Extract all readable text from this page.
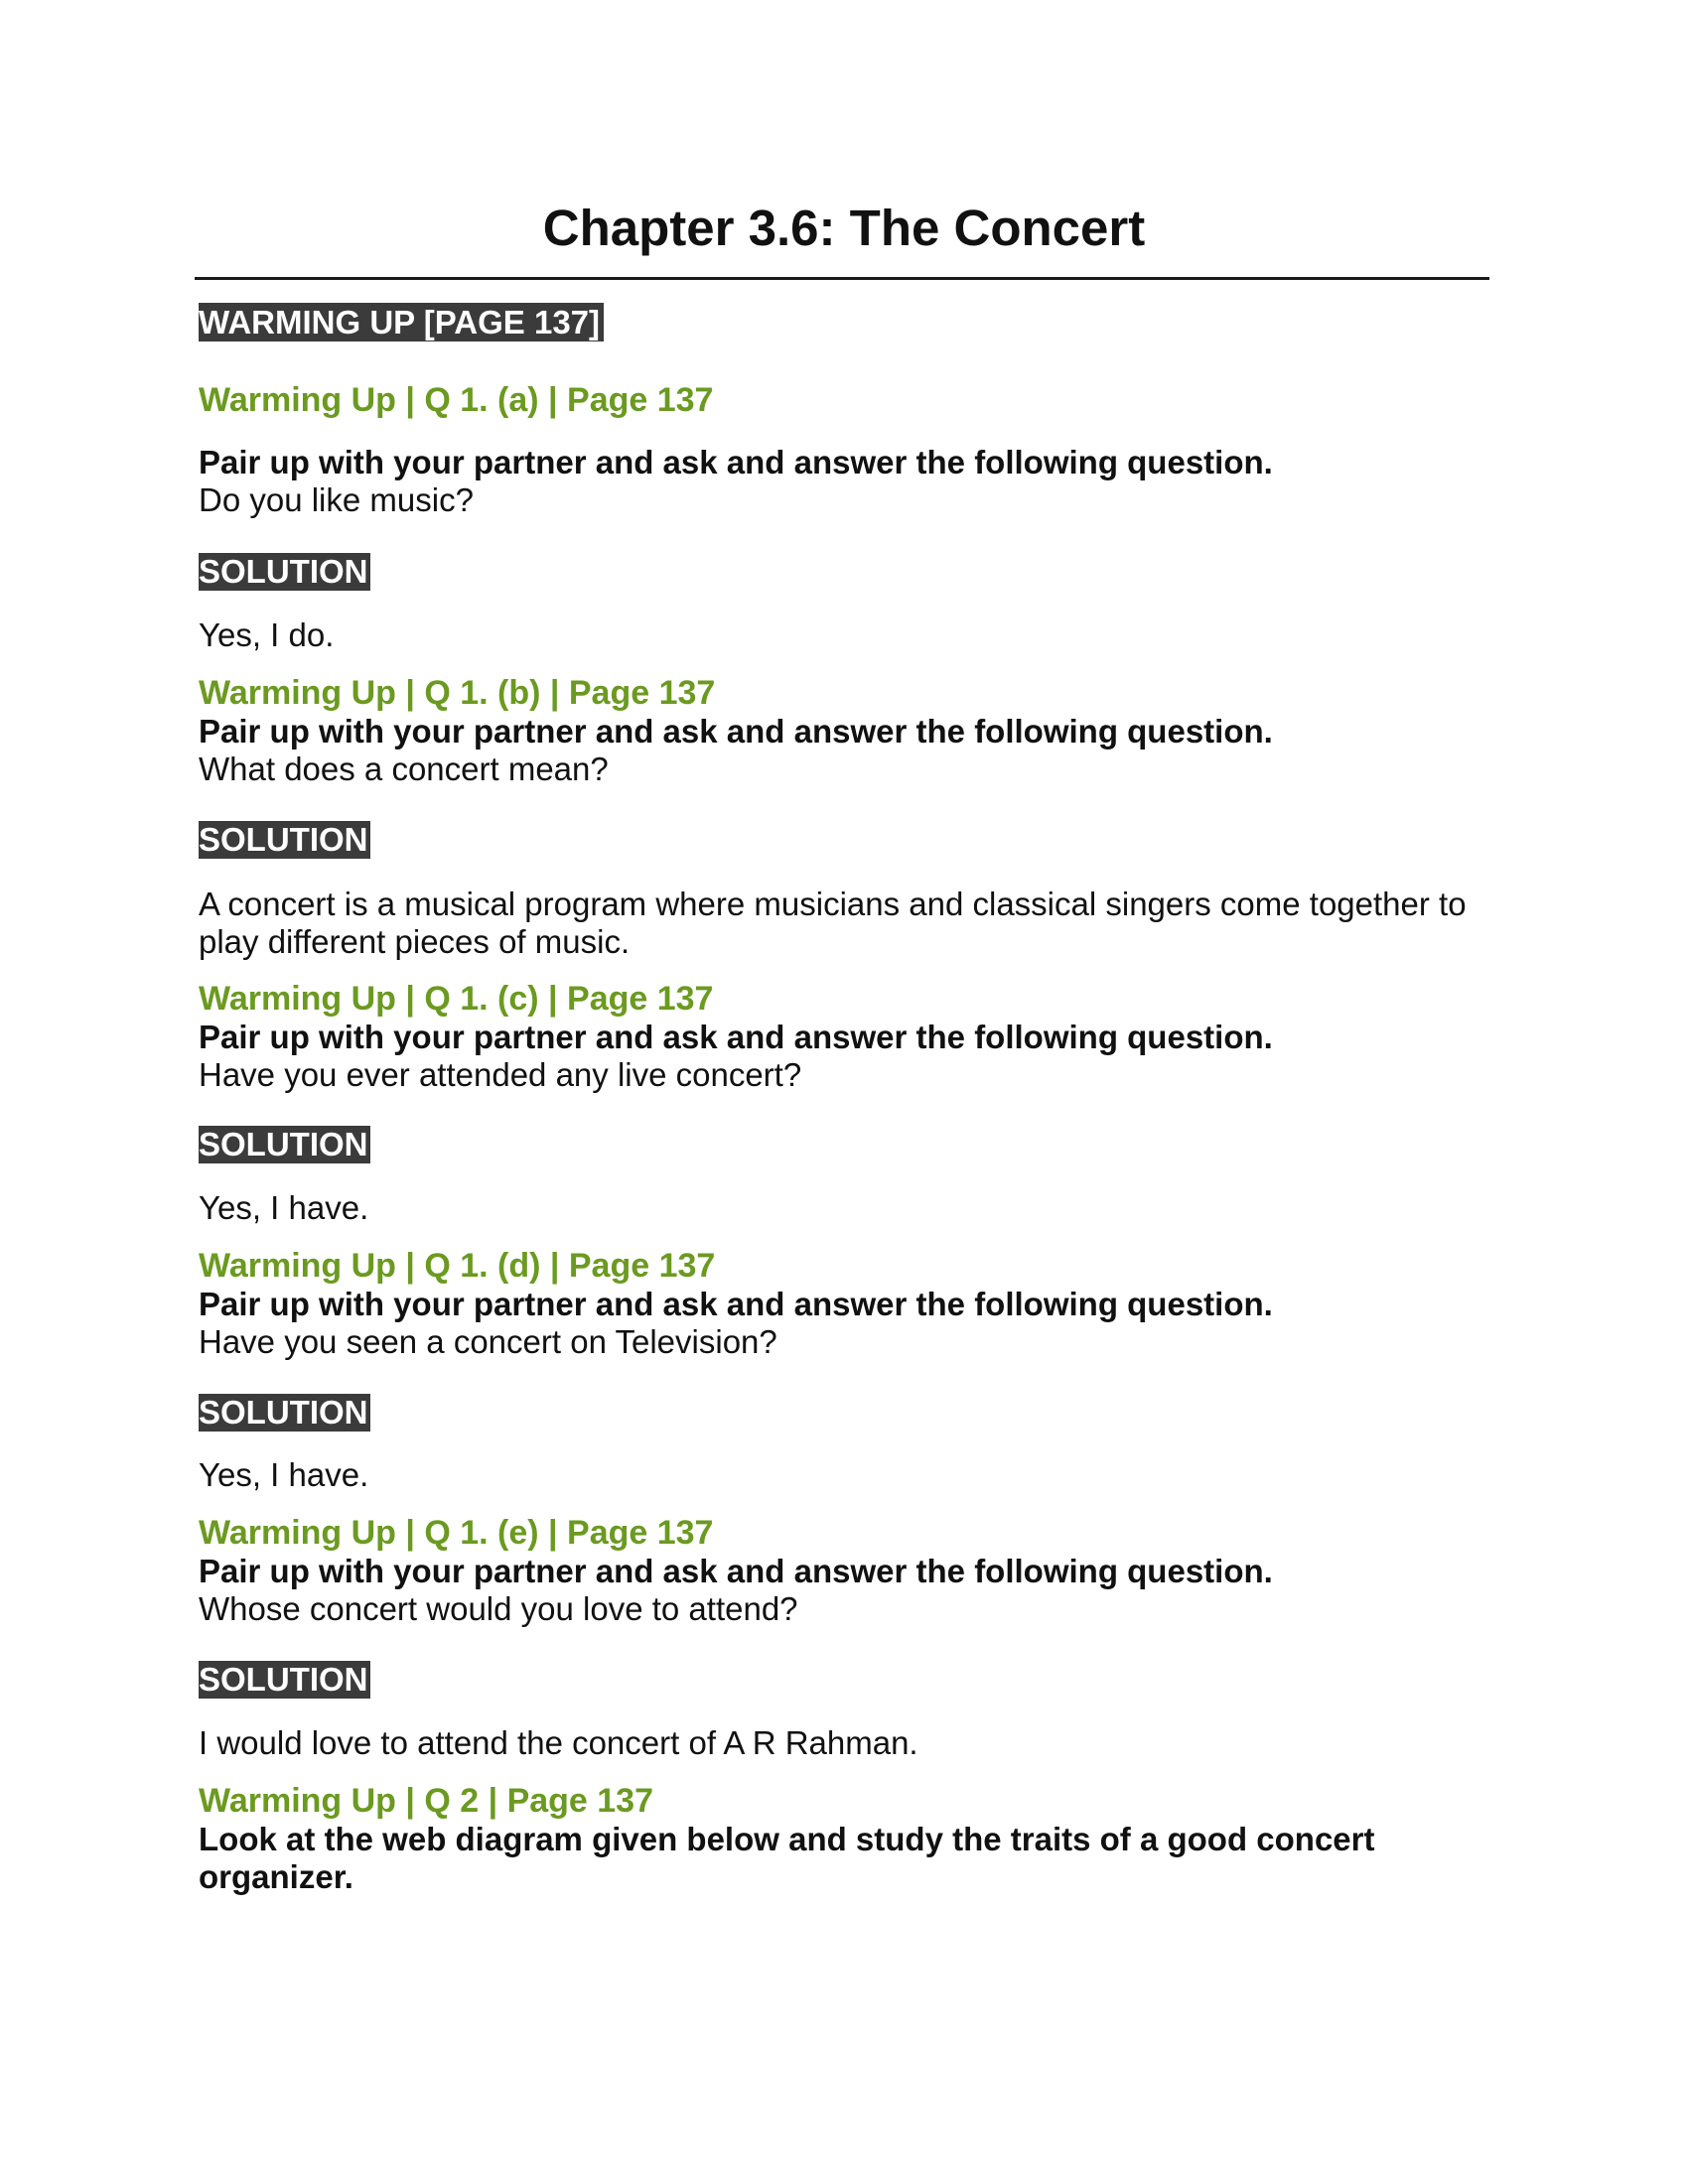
Chapter 3.6: The Concert
WARMING UP [PAGE 137]
Warming Up | Q 1. (a) | Page 137
Pair up with your partner and ask and answer the following question.
Do you like music?
SOLUTION
Yes, I do.
Warming Up | Q 1. (b) | Page 137
Pair up with your partner and ask and answer the following question.
What does a concert mean?
SOLUTION
A concert is a musical program where musicians and classical singers come together to
play different pieces of music.
Warming Up | Q 1. (c) | Page 137
Pair up with your partner and ask and answer the following question.
Have you ever attended any live concert?
SOLUTION
Yes, I have.
Warming Up | Q 1. (d) | Page 137
Pair up with your partner and ask and answer the following question.
Have you seen a concert on Television?
SOLUTION
Yes, I have.
Warming Up | Q 1. (e) | Page 137
Pair up with your partner and ask and answer the following question.
Whose concert would you love to attend?
SOLUTION
I would love to attend the concert of A R Rahman.
Warming Up | Q 2 | Page 137
Look at the web diagram given below and study the traits of a good concert
organizer.
